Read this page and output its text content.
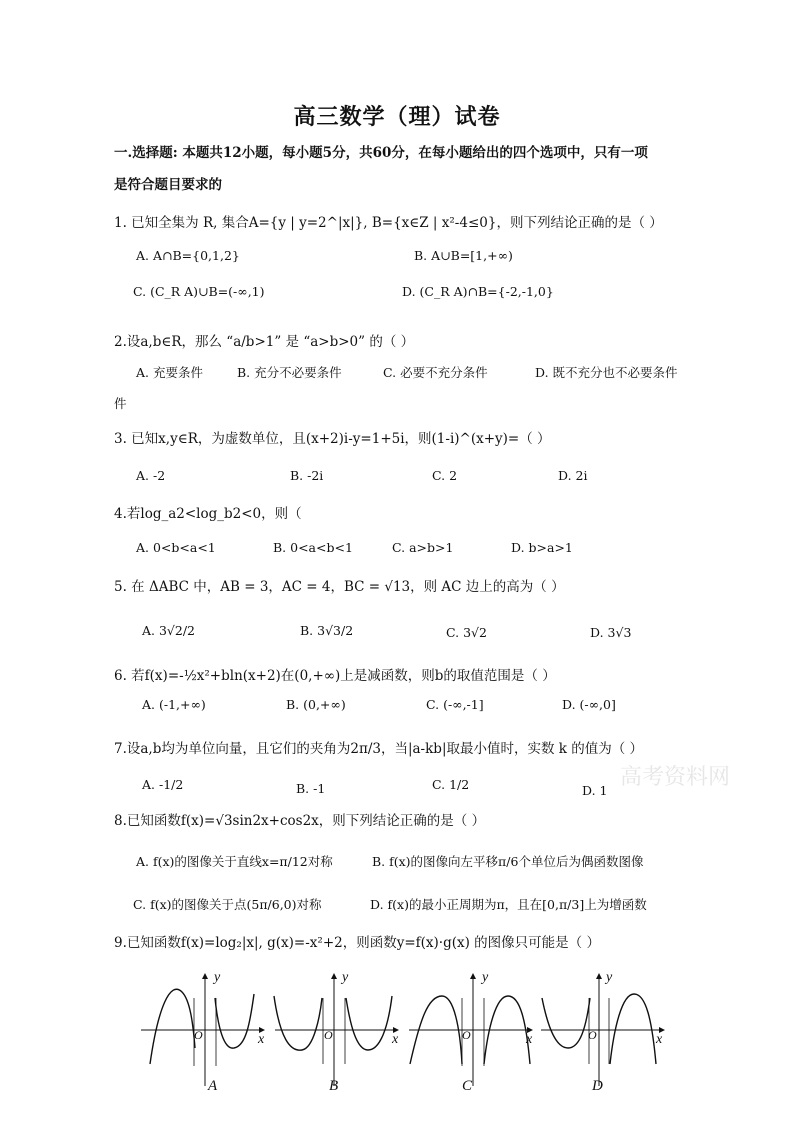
高三数学（理）试卷
一.选择题: 本题共12小题，每小题5分，共60分，在每小题给出的四个选项中，只有一项
是符合题目要求的
1. 已知全集为 R, 集合A={y | y=2^|x|}, B={x∈Z | x²-4≤0}，则下列结论正确的是（ ）
A. A∩B={0,1,2}	B. A∪B=[1,+∞)
C. (C_R A)∪B=(-∞,1)	D. (C_R A)∩B={-2,-1,0}
2.设a,b∈R，那么 “a/b>1” 是 “a>b>0” 的（ ）
A. 充要条件	B. 充分不必要条件	C. 必要不充分条件	D. 既不充分也不必要条件
件
3. 已知x,y∈R，为虚数单位，且(x+2)i-y=1+5i，则(1-i)^(x+y)=（ ）
A. -2	B. -2i	C. 2	D. 2i
4.若log_a2<log_b2<0，则（
A. 0<b<a<1	B. 0<a<b<1	C. a>b>1	D. b>a>1
5. 在 ΔABC 中，AB = 3，AC = 4，BC = √13，则 AC 边上的高为（ ）
A. 3√2/2	B. 3√3/2	C. 3√2	D. 3√3
6. 若f(x)=-½x²+bln(x+2)在(0,+∞)上是减函数，则b的取值范围是（ ）
A. (-1,+∞)	B. (0,+∞)	C. (-∞,-1]	D. (-∞,0]
7.设a,b均为单位向量，且它们的夹角为2π/3，当|a-kb|取最小值时，实数 k 的值为（ ）
A. -1/2	B. -1	C. 1/2	D. 1
8.已知函数f(x)=√3sin2x+cos2x，则下列结论正确的是（ ）
A. f(x)的图像关于直线x=π/12对称	B. f(x)的图像向左平移π/6个单位后为偶函数图像
C. f(x)的图像关于点(5π/6,0)对称	D. f(x)的最小正周期为π，且在[0,π/3]上为增函数
9.已知函数f(x)=log₂|x|, g(x)=-x²+2，则函数y=f(x)·g(x) 的图像只可能是（ ）
高考资料网
y
x
O
y
x
O
y
x
O
y
x
O
A	B	C	D
